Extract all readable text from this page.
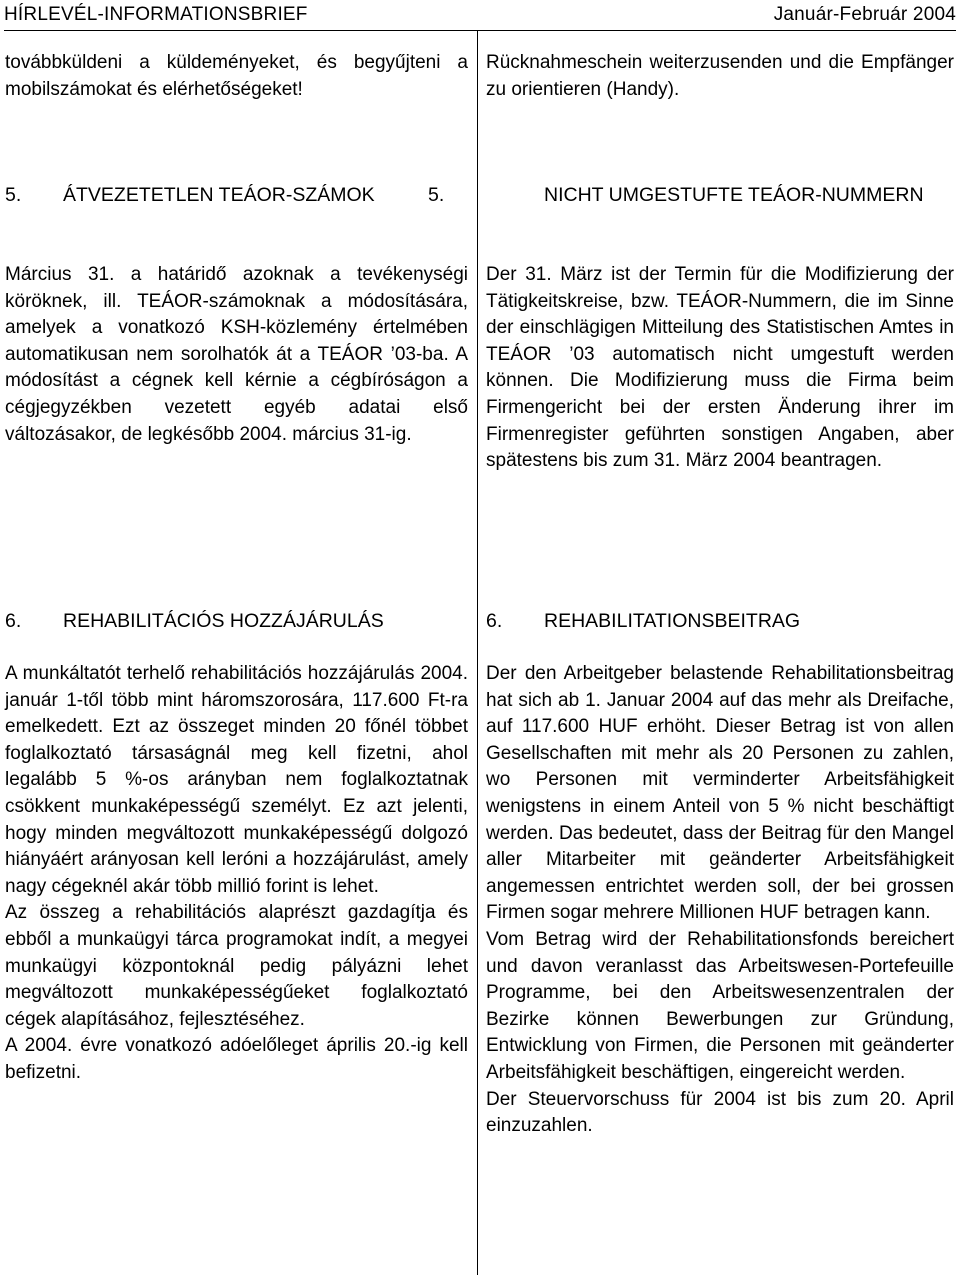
HÍRLEVÉL-INFORMATIONSBRIEF	Január-Február 2004

továbbküldeni a küldeményeket, és begyűjteni a mobilszámokat és elérhetőségeket!

Rücknahmeschein weiterzusenden und die Empfänger zu orientieren (Handy).

5. ÁTVEZETETLEN TEÁOR-SZÁMOK	5.	NICHT UMGESTUFTE TEÁOR-NUMMERN

Március 31. a határidő azoknak a tevékenységi köröknek, ill. TEÁOR-számoknak a módosítására, amelyek a vonatkozó KSH-közlemény értelmében automatikusan nem sorolhatók át a TEÁOR ’03-ba. A módosítást a cégnek kell kérnie a cégbíróságon a cégjegyzékben vezetett egyéb adatai első változásakor, de legkésőbb 2004. március 31-ig.

Der 31. März ist der Termin für die Modifizierung der Tätigkeitskreise, bzw. TEÁOR-Nummern, die im Sinne der einschlägigen Mitteilung des Statistischen Amtes in TEÁOR ’03 automatisch nicht umgestuft werden können. Die Modifizierung muss die Firma beim Firmengericht bei der ersten Änderung ihrer im Firmenregister geführten sonstigen Angaben, aber spätestens bis zum 31. März 2004 beantragen.

6. REHABILITÁCIÓS HOZZÁJÁRULÁS	6. REHABILITATIONSBEITRAG

A munkáltatót terhelő rehabilitációs hozzájárulás 2004. január 1-től több mint háromszorosára, 117.600 Ft-ra emelkedett. Ezt az összeget minden 20 főnél többet foglalkoztató társaságnál meg kell fizetni, ahol legalább 5 %-os arányban nem foglalkoztatnak csökkent munkaképességű személyt. Ez azt jelenti, hogy minden megváltozott munkaképességű dolgozó hiányáért arányosan kell leróni a hozzájárulást, amely nagy cégeknél akár több millió forint is lehet.

Az összeg a rehabilitációs alaprészt gazdagítja és ebből a munkaügyi tárca programokat indít, a megyei munkaügyi központoknál pedig pályázni lehet megváltozott munkaképességűeket foglalkoztató cégek alapításához, fejlesztéséhez.

A 2004. évre vonatkozó adóelőleget április 20.-ig kell befizetni.

Der den Arbeitgeber belastende Rehabilitationsbeitrag hat sich ab 1. Januar 2004 auf das mehr als Dreifache, auf 117.600 HUF erhöht. Dieser Betrag ist von allen Gesellschaften mit mehr als 20 Personen zu zahlen, wo Personen mit verminderter Arbeitsfähigkeit wenigstens in einem Anteil von 5 % nicht beschäftigt werden. Das bedeutet, dass der Beitrag für den Mangel aller Mitarbeiter mit geänderter Arbeitsfähigkeit angemessen entrichtet werden soll, der bei grossen Firmen sogar mehrere Millionen HUF betragen kann.

Vom Betrag wird der Rehabilitationsfonds bereichert und davon veranlasst das Arbeitswesen-Portefeuille Programme, bei den Arbeitswesenzentralen der Bezirke können Bewerbungen zur Gründung, Entwicklung von Firmen, die Personen mit geänderter Arbeitsfähigkeit beschäftigen, eingereicht werden.

Der Steuervorschuss für 2004 ist bis zum 20. April einzuzahlen.
